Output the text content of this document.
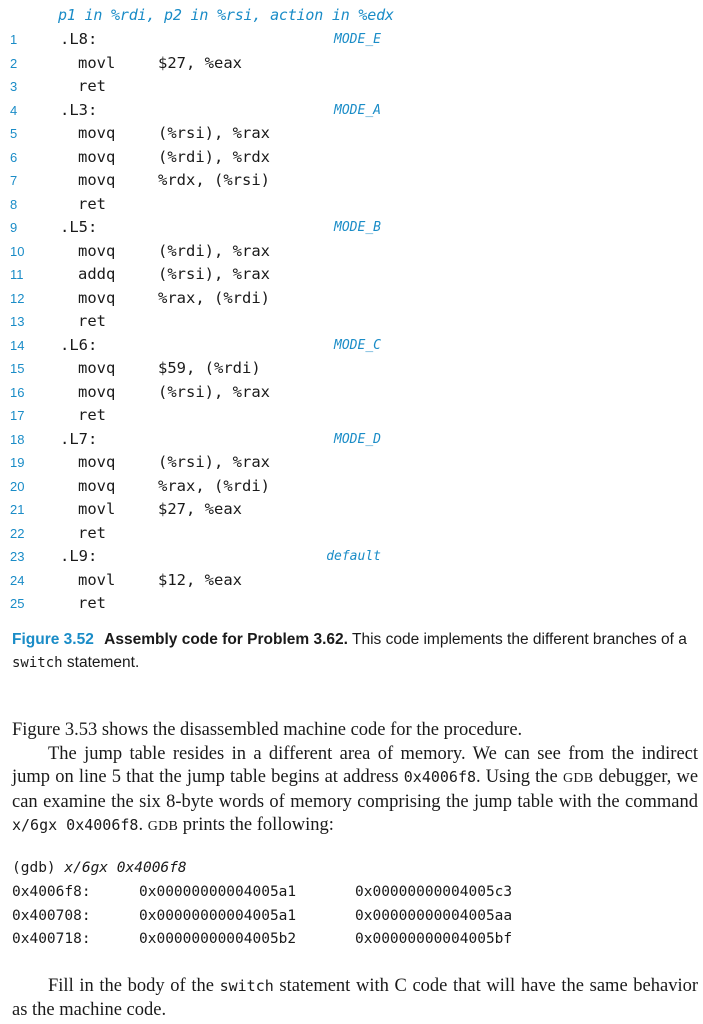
p1 in %rdi, p2 in %rsi, action in %edx
1	.L8:	MODE_E
2	movl	$27, %eax
3	ret
4	.L3:	MODE_A
5	movq	(%rsi), %rax
6	movq	(%rdi), %rdx
7	movq	%rdx, (%rsi)
8	ret
9	.L5:	MODE_B
10	movq	(%rdi), %rax
11	addq	(%rsi), %rax
12	movq	%rax, (%rdi)
13	ret
14	.L6:	MODE_C
15	movq	$59, (%rdi)
16	movq	(%rsi), %rax
17	ret
18	.L7:	MODE_D
19	movq	(%rsi), %rax
20	movq	%rax, (%rdi)
21	movl	$27, %eax
22	ret
23	.L9:	default
24	movl	$12, %eax
25	ret
Figure 3.52 Assembly code for Problem 3.62. This code implements the different branches of a switch statement.
Figure 3.53 shows the disassembled machine code for the procedure.
The jump table resides in a different area of memory. We can see from the indirect jump on line 5 that the jump table begins at address 0x4006f8. Using the GDB debugger, we can examine the six 8-byte words of memory comprising the jump table with the command x/6gx 0x4006f8. GDB prints the following:
(gdb) x/6gx 0x4006f8
0x4006f8:	0x00000000004005a1	0x00000000004005c3
0x400708:	0x00000000004005a1	0x00000000004005aa
0x400718:	0x00000000004005b2	0x00000000004005bf
Fill in the body of the switch statement with C code that will have the same behavior as the machine code.
